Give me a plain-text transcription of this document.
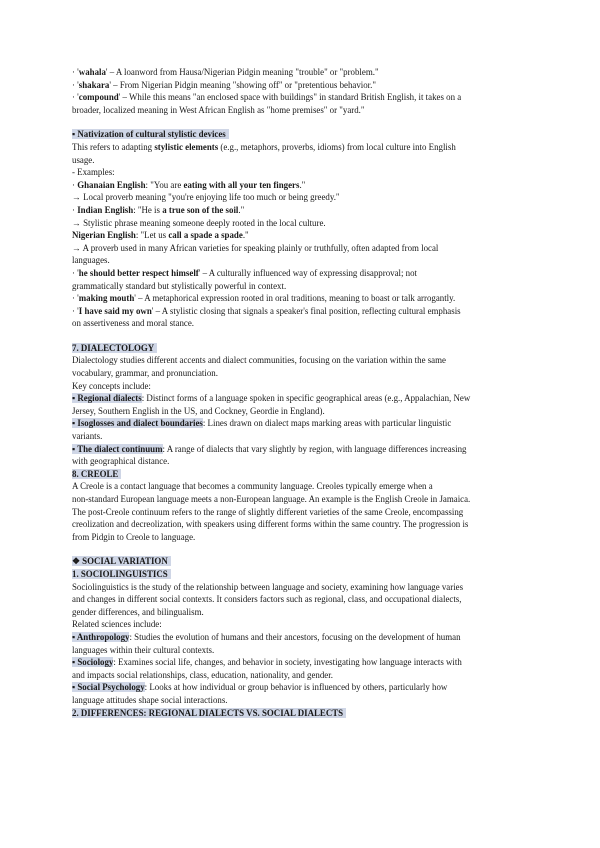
· 'wahala' – A loanword from Hausa/Nigerian Pidgin meaning "trouble" or "problem."
· 'shakara' – From Nigerian Pidgin meaning "showing off" or "pretentious behavior."
· 'compound' – While this means "an enclosed space with buildings" in standard British English, it takes on a
broader, localized meaning in West African English as "home premises" or "yard."
▪ Nativization of cultural stylistic devices
This refers to adapting stylistic elements (e.g., metaphors, proverbs, idioms) from local culture into English
usage.
- Examples:
· Ghanaian English: "You are eating with all your ten fingers."
→ Local proverb meaning "you're enjoying life too much or being greedy."
· Indian English: "He is a true son of the soil."
→ Stylistic phrase meaning someone deeply rooted in the local culture.
Nigerian English: "Let us call a spade a spade."
→ A proverb used in many African varieties for speaking plainly or truthfully, often adapted from local
languages.
· 'he should better respect himself' – A culturally influenced way of expressing disapproval; not
grammatically standard but stylistically powerful in context.
· 'making mouth' – A metaphorical expression rooted in oral traditions, meaning to boast or talk arrogantly.
· 'I have said my own' – A stylistic closing that signals a speaker's final position, reflecting cultural emphasis
on assertiveness and moral stance.
7. DIALECTOLOGY
Dialectology studies different accents and dialect communities, focusing on the variation within the same
vocabulary, grammar, and pronunciation.
Key concepts include:
▪ Regional dialects: Distinct forms of a language spoken in specific geographical areas (e.g., Appalachian, New
Jersey, Southern English in the US, and Cockney, Geordie in England).
▪ Isoglosses and dialect boundaries: Lines drawn on dialect maps marking areas with particular linguistic
variants.
▪ The dialect continuum: A range of dialects that vary slightly by region, with language differences increasing
with geographical distance.
8. CREOLE
A Creole is a contact language that becomes a community language. Creoles typically emerge when a
non-standard European language meets a non-European language. An example is the English Creole in Jamaica.
The post-Creole continuum refers to the range of slightly different varieties of the same Creole, encompassing
creolization and decreolization, with speakers using different forms within the same country. The progression is
from Pidgin to Creole to language.
❖ SOCIAL VARIATION
1. SOCIOLINGUISTICS
Sociolinguistics is the study of the relationship between language and society, examining how language varies
and changes in different social contexts. It considers factors such as regional, class, and occupational dialects,
gender differences, and bilingualism.
Related sciences include:
▪ Anthropology: Studies the evolution of humans and their ancestors, focusing on the development of human
languages within their cultural contexts.
▪ Sociology: Examines social life, changes, and behavior in society, investigating how language interacts with
and impacts social relationships, class, education, nationality, and gender.
▪ Social Psychology: Looks at how individual or group behavior is influenced by others, particularly how
language attitudes shape social interactions.
2. DIFFERENCES: REGIONAL DIALECTS VS. SOCIAL DIALECTS
